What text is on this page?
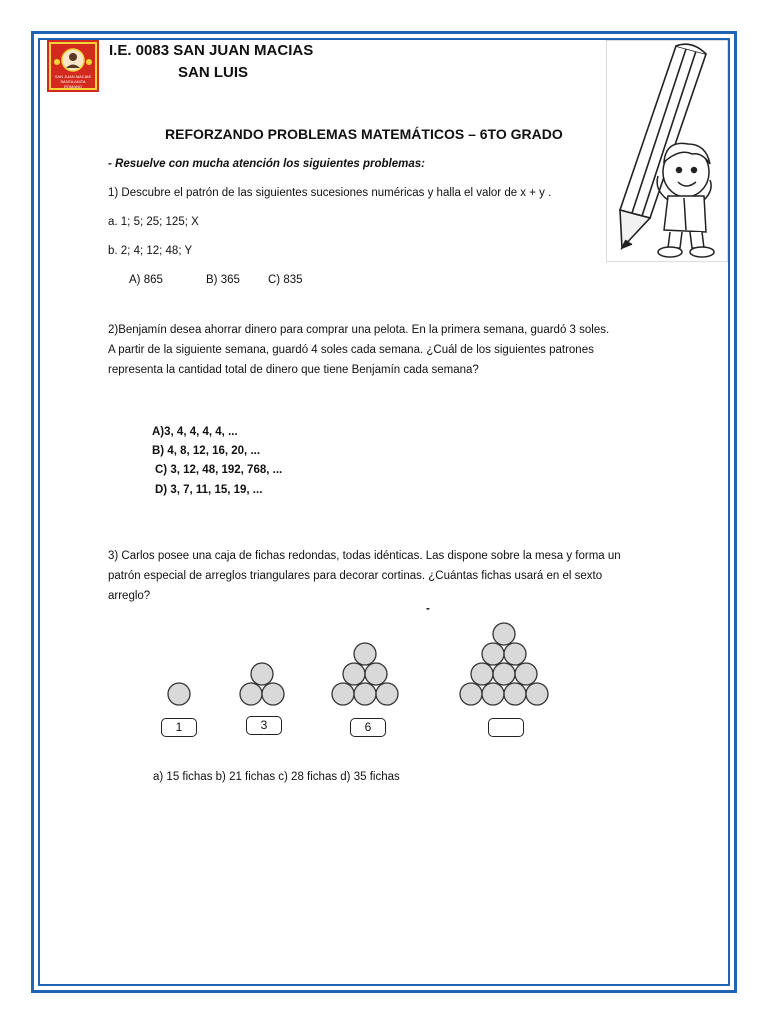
SAN JUAN MACIAS
SANTA ANITA
ROMANO
I.E. 0083 SAN JUAN MACIAS
SAN LUIS
REFORZANDO PROBLEMAS MATEMÁTICOS – 6TO GRADO
- Resuelve con mucha atención los siguientes problemas:
1) Descubre el patrón de las siguientes sucesiones numéricas y halla el valor de x + y .
a. 1; 5; 25; 125; X
b. 2; 4; 12; 48; Y
A) 865	B) 365 C) 835
2)Benjamín desea ahorrar dinero para comprar una pelota. En la primera semana, guardó 3 soles.
A partir de la siguiente semana, guardó 4 soles cada semana. ¿Cuál de los siguientes patrones
representa la cantidad total de dinero que tiene Benjamín cada semana?
A)3, 4, 4, 4, 4, ...
B) 4, 8, 12, 16, 20, ...
C) 3, 12, 48, 192, 768, ...
D) 3, 7, 11, 15, 19, ...
3) Carlos posee una caja de fichas redondas, todas idénticas. Las dispone sobre la mesa y forma un
patrón especial de arreglos triangulares para decorar cortinas. ¿Cuántas fichas usará en el sexto
arreglo?
-
1	3	6
a) 15 fichas b) 21 fichas c) 28 fichas d) 35 fichas
